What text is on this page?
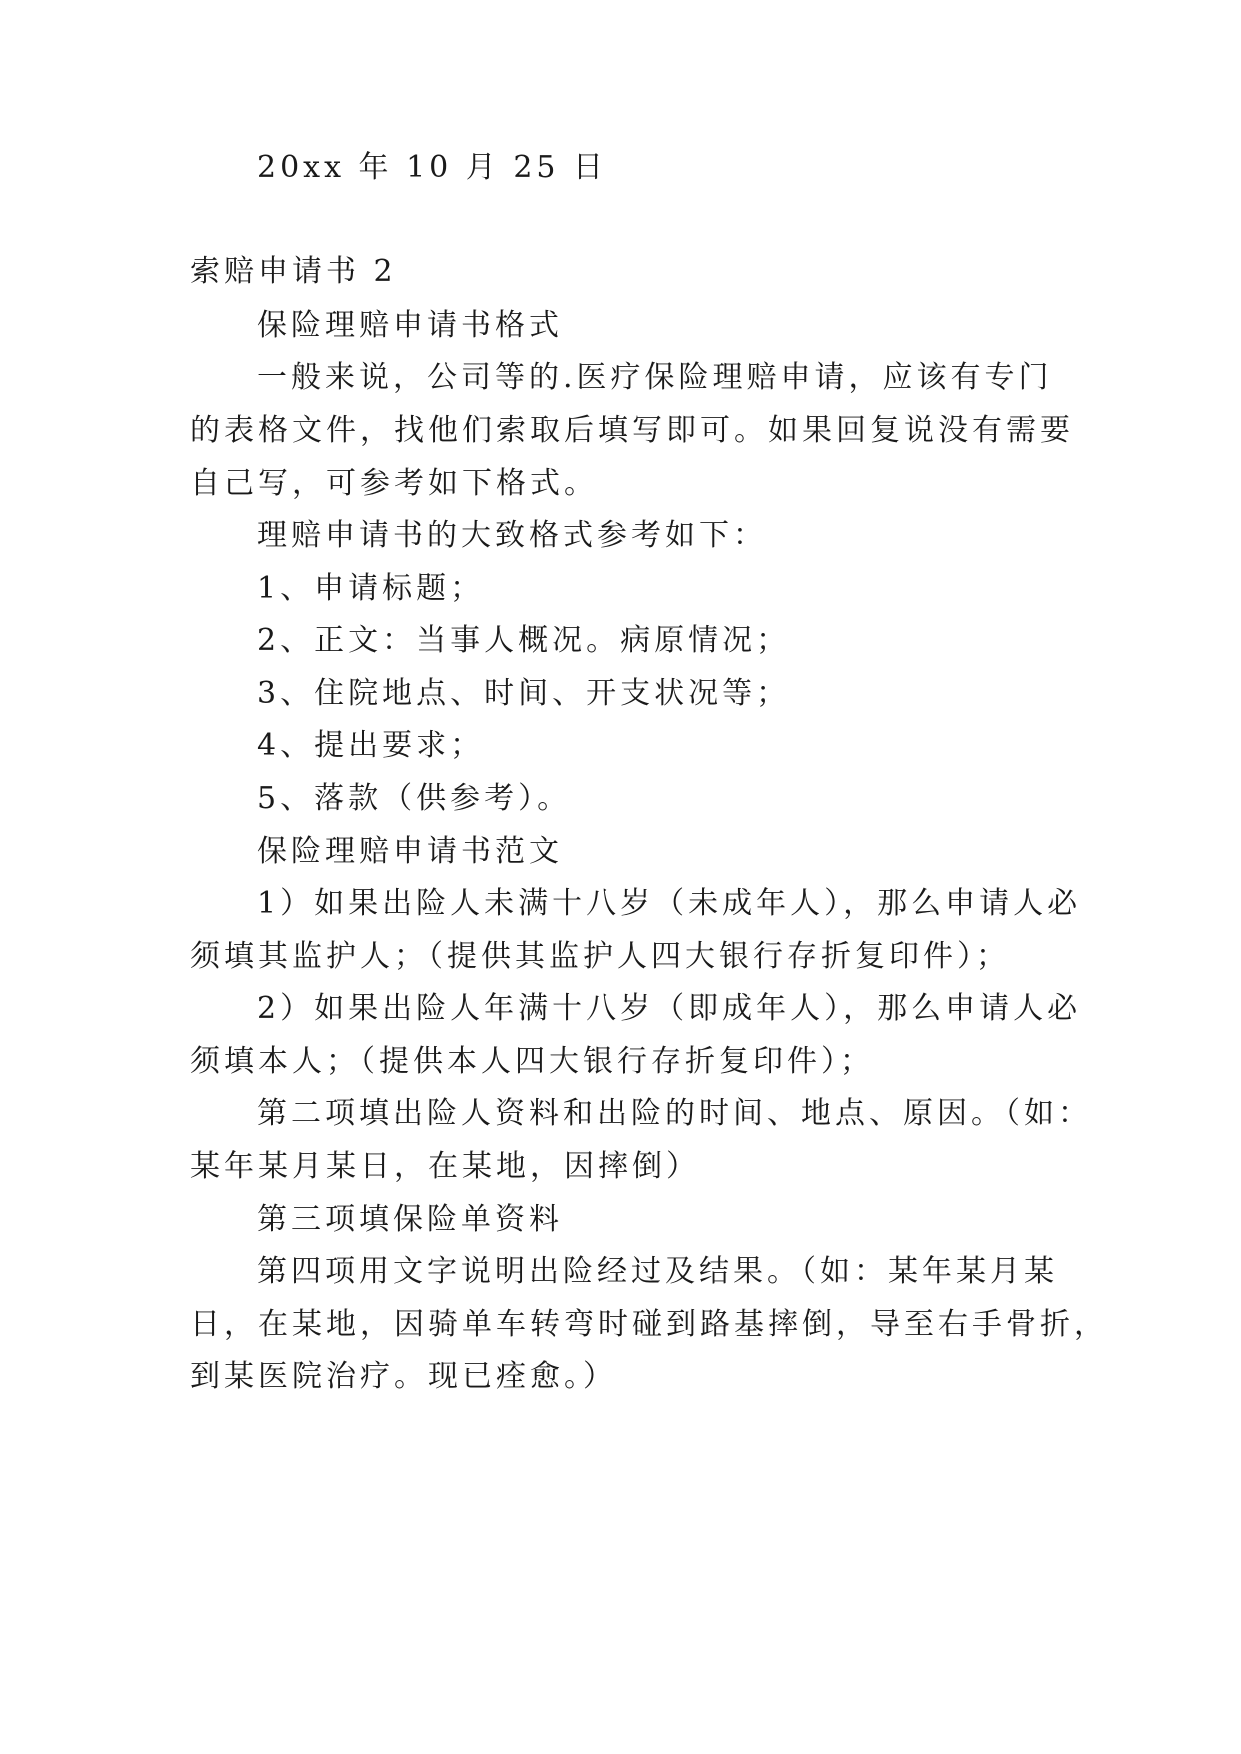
20xx 年 10 月 25 日
索赔申请书 2
保险理赔申请书格式
一般来说，公司等的.医疗保险理赔申请，应该有专门
的表格文件，找他们索取后填写即可。如果回复说没有需要
自己写，可参考如下格式。
理赔申请书的大致格式参考如下：
1、申请标题；
2、正文：当事人概况。病原情况；
3、住院地点、时间、开支状况等；
4、提出要求；
5、落款（供参考）。
保险理赔申请书范文
1）如果出险人未满十八岁（未成年人），那么申请人必
须填其监护人；（提供其监护人四大银行存折复印件）；
2）如果出险人年满十八岁（即成年人），那么申请人必
须填本人；（提供本人四大银行存折复印件）；
第二项填出险人资料和出险的时间、地点、原因。（如：
某年某月某日，在某地，因摔倒）
第三项填保险单资料
第四项用文字说明出险经过及结果。（如：某年某月某
日，在某地，因骑单车转弯时碰到路基摔倒，导至右手骨折，
到某医院治疗。现已痊愈。）
